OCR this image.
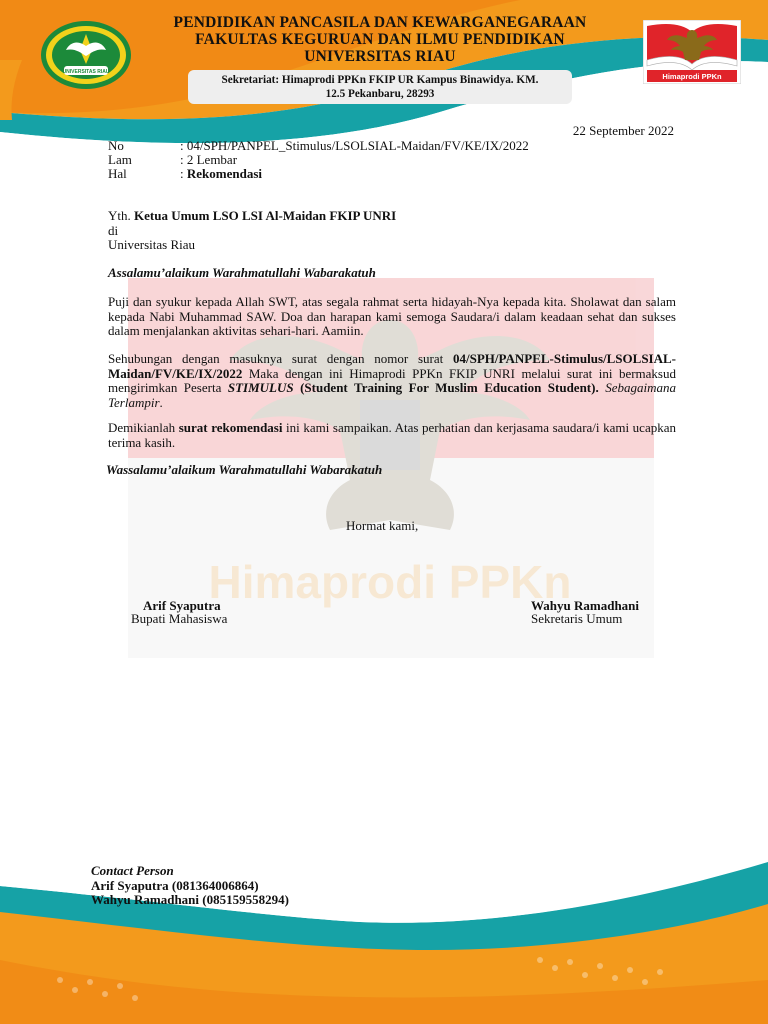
UNIVERSITAS RIAU	Himaprodi PPKn
PENDIDIKAN PANCASILA DAN KEWARGANEGARAAN
FAKULTAS KEGURUAN DAN ILMU PENDIDIKAN
UNIVERSITAS RIAU
Sekretariat: Himaprodi PPKn FKIP UR Kampus Binawidya. KM.
12.5 Pekanbaru, 28293
22 September 2022
No	: 04/SPH/PANPEL_Stimulus/LSOLSIAL-Maidan/FV/KE/IX/2022
Lam	: 2 Lembar
Hal	: Rekomendasi
Yth. Ketua Umum LSO LSI Al-Maidan FKIP UNRI
di
Universitas Riau
Assalamu’alaikum Warahmatullahi Wabarakatuh
Puji dan syukur kepada Allah SWT, atas segala rahmat serta hidayah-Nya kepada kita. Sholawat dan salam kepada Nabi Muhammad SAW. Doa dan harapan kami semoga Saudara/i dalam keadaan sehat dan sukses dalam menjalankan aktivitas sehari-hari. Aamiin.
Sehubungan dengan masuknya surat dengan nomor surat 04/SPH/PANPEL-Stimulus/LSOLSIAL-Maidan/FV/KE/IX/2022 Maka dengan ini Himaprodi PPKn FKIP UNRI melalui surat ini bermaksud mengirimkan Peserta STIMULUS (Student Training For Muslim Education Student). Sebagaimana Terlampir.
Demikianlah surat rekomendasi ini kami sampaikan. Atas perhatian dan kerjasama saudara/i kami ucapkan terima kasih.
Wassalamu’alaikum Warahmatullahi Wabarakatuh
Hormat kami,
Himaprodi PPKn
Arif Syaputra
Bupati Mahasiswa
Wahyu Ramadhani
Sekretaris Umum
Contact Person
Arif Syaputra (081364006864)
Wahyu Ramadhani (085159558294)
